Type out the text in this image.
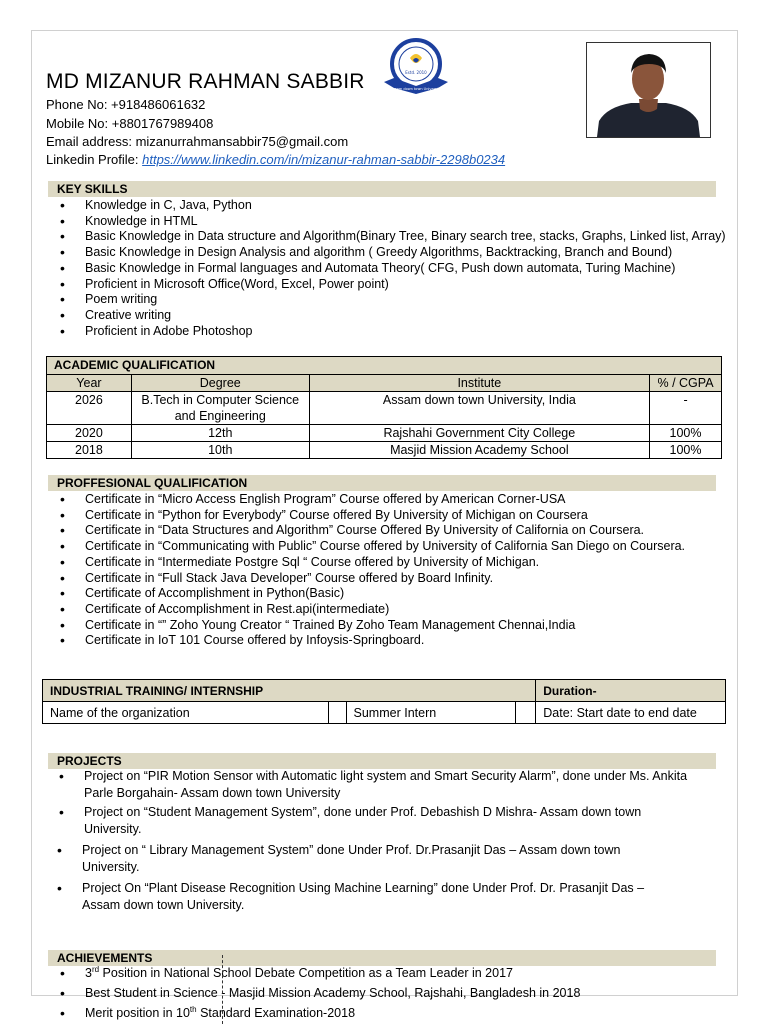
MD MIZANUR RAHMAN SABBIR
Phone No: +918486061632
Mobile No: +8801767989408
Email address: mizanurrahmansabbir75@gmail.com
Linkedin Profile: https://www.linkedin.com/in/mizanur-rahman-sabbir-2298b0234
Estd. 2010
Assam down town University
KEY SKILLS
• Knowledge in C, Java, Python
• Knowledge in HTML
• Basic Knowledge in Data structure and Algorithm(Binary Tree, Binary search tree, stacks, Graphs, Linked list, Array)
• Basic Knowledge in Design Analysis and algorithm ( Greedy Algorithms, Backtracking, Branch and Bound)
• Basic Knowledge in Formal languages and Automata Theory( CFG, Push down automata, Turing Machine)
• Proficient in Microsoft Office(Word, Excel, Power point)
• Poem writing
• Creative writing
• Proficient in Adobe Photoshop
ACADEMIC QUALIFICATION			
Year	Degree	Institute	% / CGPA
2026	B.Tech in Computer Science and Engineering	Assam down town University, India	-
2020	12th	Rajshahi Government City College	100%
2018	10th	Masjid Mission Academy School	100%
PROFFESIONAL QUALIFICATION
• Certificate in “Micro Access English Program” Course offered by American Corner-USA
• Certificate in “Python for Everybody” Course offered By University of Michigan on Coursera
• Certificate in “Data Structures and Algorithm” Course Offered By University of California on Coursera.
• Certificate in “Communicating with Public” Course offered by University of California San Diego on Coursera.
• Certificate in “Intermediate Postgre Sql “ Course offered by University of Michigan.
• Certificate in “Full Stack Java Developer” Course offered by Board Infinity.
• Certificate of Accomplishment in Python(Basic)
• Certificate of Accomplishment in Rest.api(intermediate)
• Certificate in “” Zoho Young Creator “ Trained By Zoho Team Management Chennai,India
• Certificate in IoT 101 Course offered by Infoysis-Springboard.
INDUSTRIAL TRAINING/ INTERNSHIP				Duration-
Name of the organization		Summer Intern		Date: Start date to end date
PROJECTS
• Project on “PIR Motion Sensor with Automatic light system and Smart Security Alarm”, done under Ms. Ankita
Parle Borgahain- Assam down town University
• Project on “Student Management System”, done under Prof. Debashish D Mishra- Assam down town
University.
• Project on “ Library Management System” done Under Prof. Dr.Prasanjit Das – Assam down town
University.
• Project On “Plant Disease Recognition Using Machine Learning” done Under Prof. Dr. Prasanjit Das –
Assam down town University.
ACHIEVEMENTS
• 3rd Position in National School Debate Competition as a Team Leader in 2017
• Best Student in Science - Masjid Mission Academy School, Rajshahi, Bangladesh in 2018
• Merit position in 10th Standard Examination-2018
